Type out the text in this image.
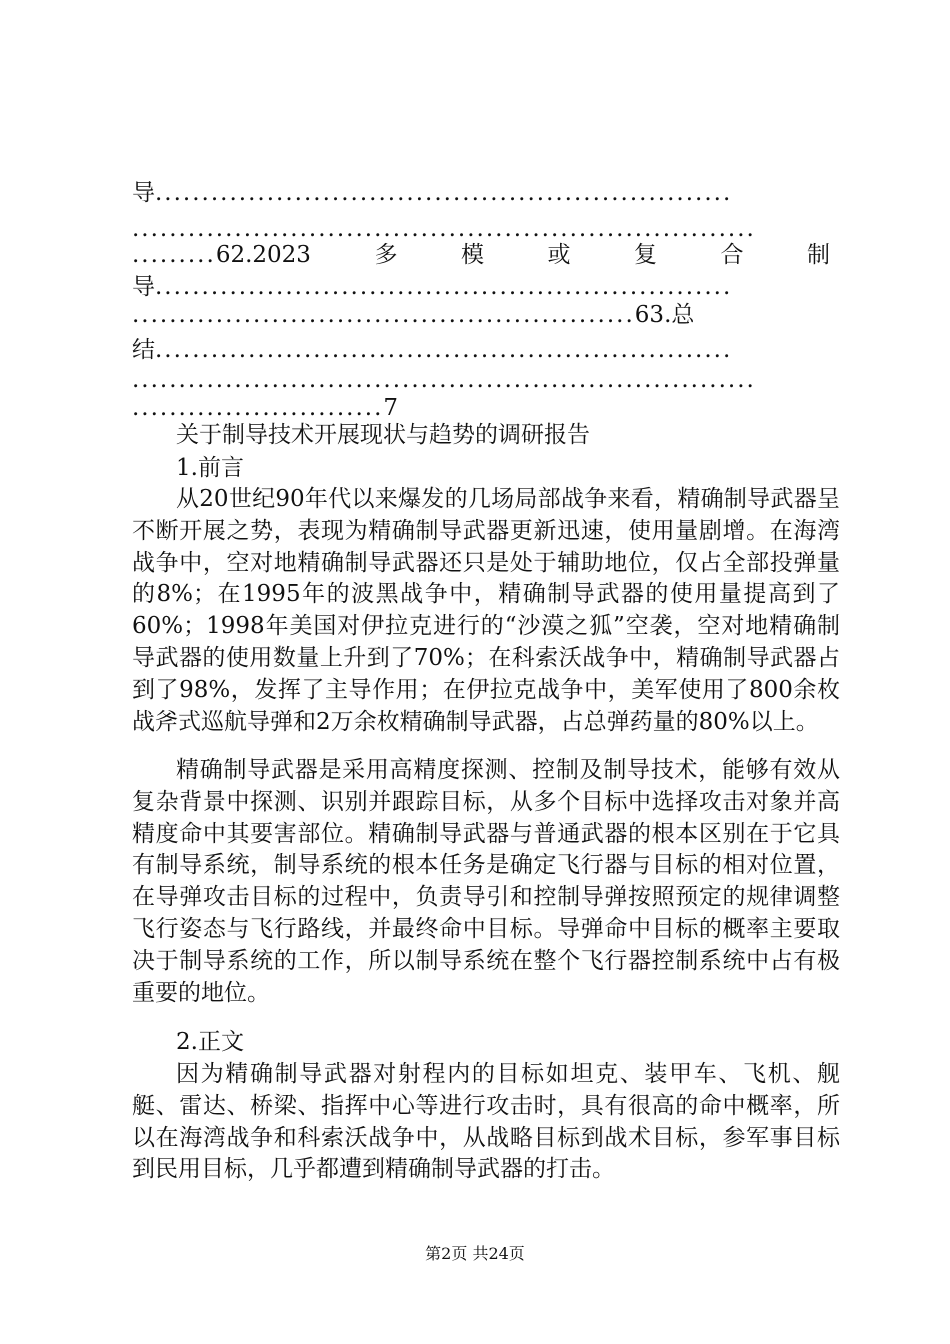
导..............................................................
...................................................................
.........62.2023	多	模	或	复	合	制
导..............................................................
......................................................63.总
结..............................................................
...................................................................
...........................7
关于制导技术开展现状与趋势的调研报告
1.前言

从20世纪90年代以来爆发的几场局部战争来看，精确制导武器呈不断开展之势，表现为精确制导武器更新迅速，使用量剧增。在海湾战争中，空对地精确制导武器还只是处于辅助地位，仅占全部投弹量的8%；在1995年的波黑战争中，精确制导武器的使用量提高到了60%；1998年美国对伊拉克进行的“沙漠之狐”空袭，空对地精确制导武器的使用数量上升到了70%；在科索沃战争中，精确制导武器占到了98%，发挥了主导作用；在伊拉克战争中，美军使用了800余枚战斧式巡航导弹和2万余枚精确制导武器，占总弹药量的80%以上。

精确制导武器是采用高精度探测、控制及制导技术，能够有效从复杂背景中探测、识别并跟踪目标，从多个目标中选择攻击对象并高精度命中其要害部位。精确制导武器与普通武器的根本区别在于它具有制导系统，制导系统的根本任务是确定飞行器与目标的相对位置，在导弹攻击目标的过程中，负责导引和控制导弹按照预定的规律调整飞行姿态与飞行路线，并最终命中目标。导弹命中目标的概率主要取决于制导系统的工作，所以制导系统在整个飞行器控制系统中占有极重要的地位。

2.正文

因为精确制导武器对射程内的目标如坦克、装甲车、飞机、舰艇、雷达、桥梁、指挥中心等进行攻击时，具有很高的命中概率，所以在海湾战争和科索沃战争中，从战略目标到战术目标，参军事目标到民用目标，几乎都遭到精确制导武器的打击。

第2页 共24页
